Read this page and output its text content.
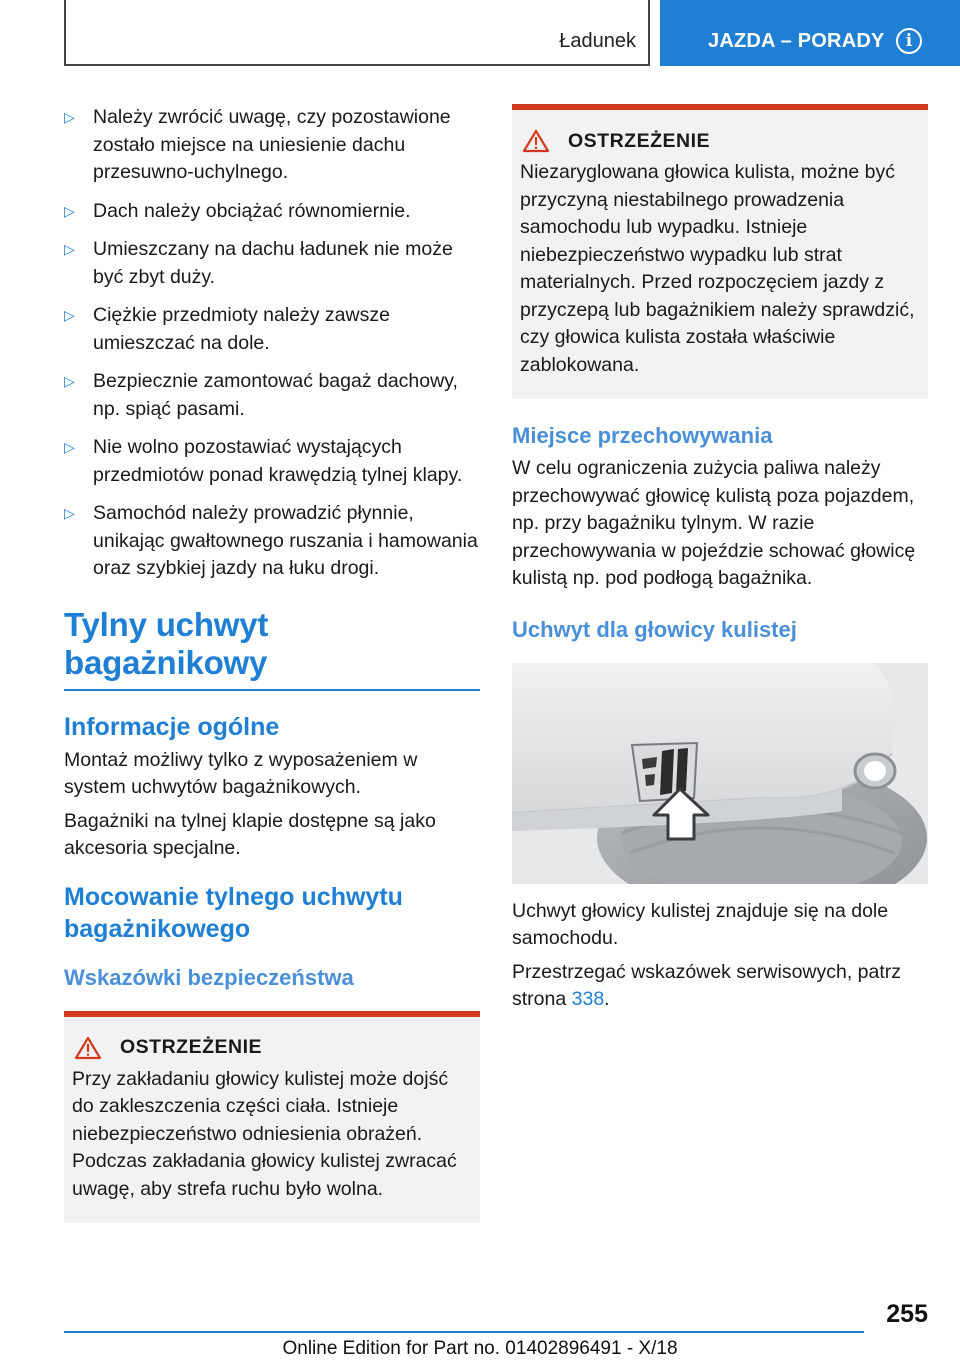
Ładunek	JAZDA – PORADY	i
▷ Należy zwrócić uwagę, czy pozostawione zostało miejsce na uniesienie dachu przesuwno-uchylnego.
▷ Dach należy obciążać równomiernie.
▷ Umieszczany na dachu ładunek nie może być zbyt duży.
▷ Ciężkie przedmioty należy zawsze umieszczać na dole.
▷ Bezpiecznie zamontować bagaż dachowy, np. spiąć pasami.
▷ Nie wolno pozostawiać wystających przedmiotów ponad krawędzią tylnej klapy.
▷ Samochód należy prowadzić płynnie, unikając gwałtownego ruszania i hamowania oraz szybkiej jazdy na łuku drogi.
Tylny uchwyt bagażnikowy
Informacje ogólne

Montaż możliwy tylko z wyposażeniem w system uchwytów bagażnikowych.

Bagażniki na tylnej klapie dostępne są jako akcesoria specjalne.

Mocowanie tylnego uchwytu bagażnikowego
Wskazówki bezpieczeństwa
OSTRZEŻENIE

Przy zakładaniu głowicy kulistej może dojść do zakleszczenia części ciała. Istnieje niebezpieczeństwo odniesienia obrażeń. Podczas zakładania głowicy kulistej zwracać uwagę, aby strefa ruchu było wolna.

OSTRZEŻENIE

Niezaryglowana głowica kulista, możne być przyczyną niestabilnego prowadzenia samochodu lub wypadku. Istnieje niebezpieczeństwo wypadku lub strat materialnych. Przed rozpoczęciem jazdy z przyczepą lub bagażnikiem należy sprawdzić, czy głowica kulista została właściwie zablokowana.

Miejsce przechowywania

W celu ograniczenia zużycia paliwa należy przechowywać głowicę kulistą poza pojazdem, np. przy bagażniku tylnym. W razie przechowywania w pojeździe schować głowicę kulistą np. pod podłogą bagażnika.

Uchwyt dla głowicy kulistej

Uchwyt głowicy kulistej znajduje się na dole samochodu.

Przestrzegać wskazówek serwisowych, patrz strona 338.

255
Online Edition for Part no. 01402896491 - X/18
